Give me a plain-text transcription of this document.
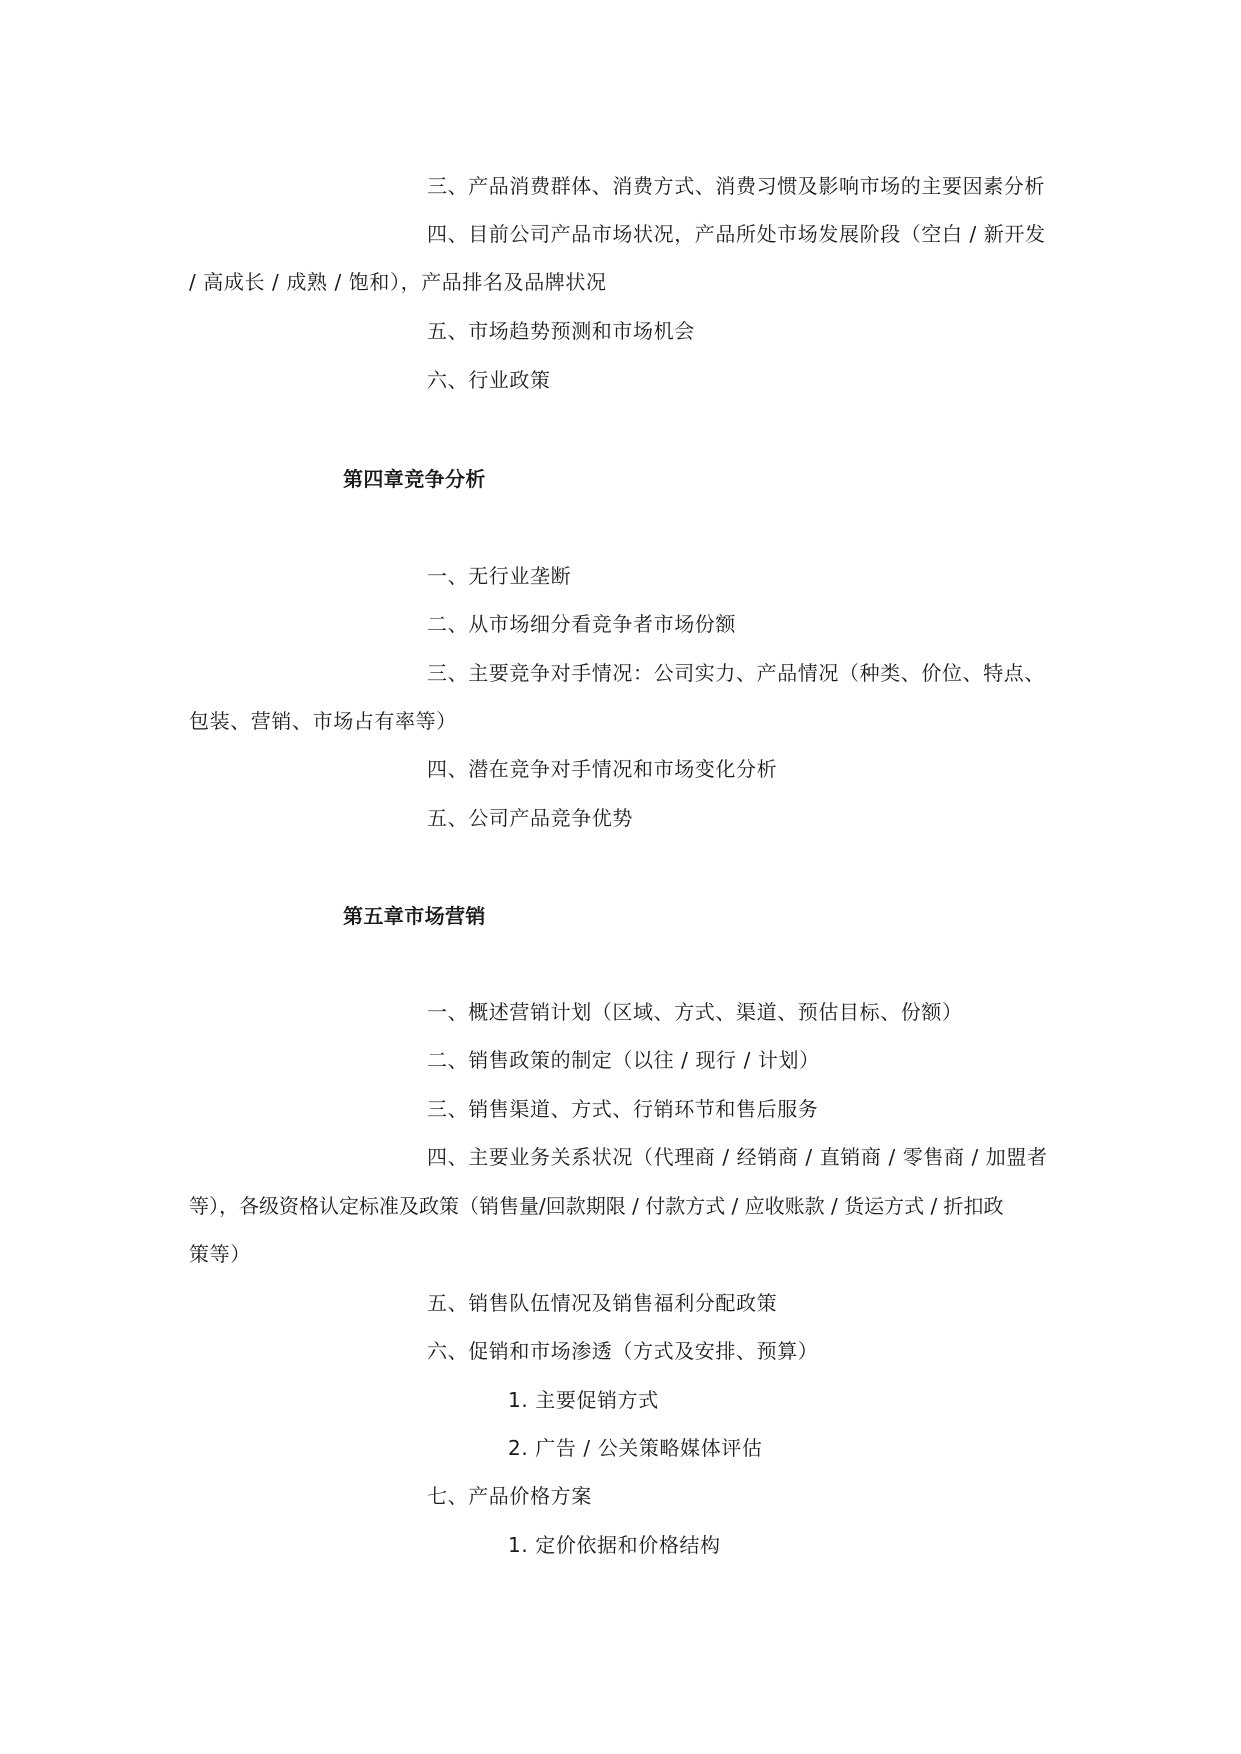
三、产品消费群体、消费方式、消费习惯及影响市场的主要因素分析
四、目前公司产品市场状况，产品所处市场发展阶段（空白 / 新开发
/ 高成长 / 成熟 / 饱和），产品排名及品牌状况
五、市场趋势预测和市场机会
六、行业政策
第四章竞争分析
一、无行业垄断
二、从市场细分看竞争者市场份额
三、主要竞争对手情况：公司实力、产品情况（种类、价位、特点、
包装、营销、市场占有率等）
四、潜在竞争对手情况和市场变化分析
五、公司产品竞争优势
第五章市场营销
一、概述营销计划（区域、方式、渠道、预估目标、份额）
二、销售政策的制定（以往 / 现行 / 计划）
三、销售渠道、方式、行销环节和售后服务
四、主要业务关系状况（代理商 / 经销商 / 直销商 / 零售商 / 加盟者
等），各级资格认定标准及政策（销售量/回款期限 / 付款方式 / 应收账款 / 货运方式 / 折扣政
策等）
五、销售队伍情况及销售福利分配政策
六、促销和市场渗透（方式及安排、预算）
1. 主要促销方式
2. 广告 / 公关策略媒体评估
七、产品价格方案
1. 定价依据和价格结构
